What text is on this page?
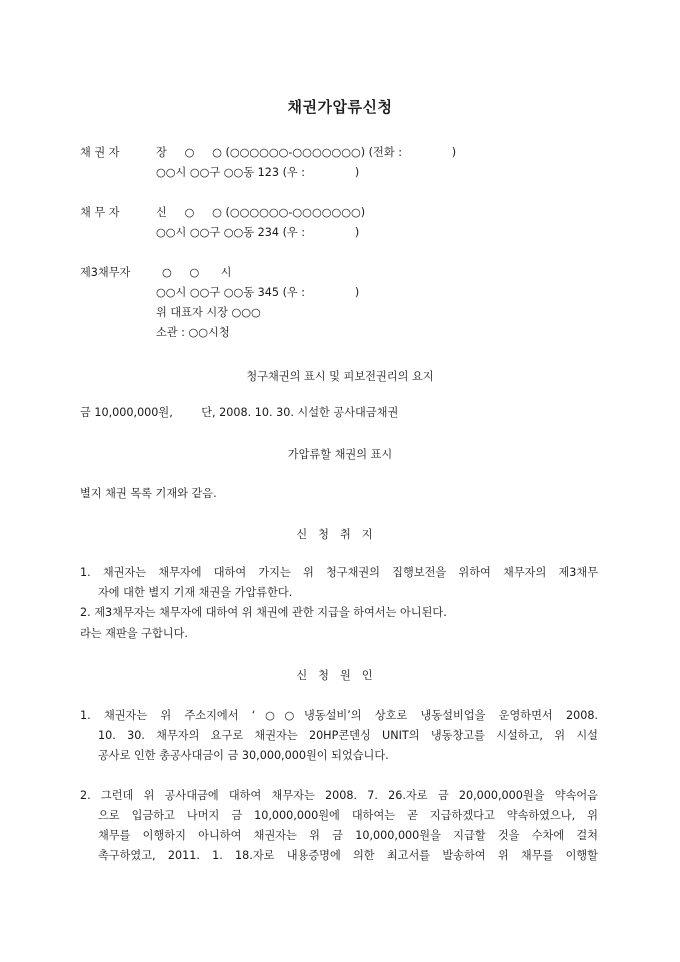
채권가압류신청
채 권 자	장     ○     ○ (○○○○○○-○○○○○○○) (전화 :              )
○○시 ○○구 ○○동 123 (우 :              )
채 무 자	신     ○     ○ (○○○○○○-○○○○○○○)
○○시 ○○구 ○○동 234 (우 :              )
제3채무자	○     ○      시
○○시 ○○구 ○○동 345 (우 :              )
위 대표자 시장 ○○○
소관 : ○○시청
청구채권의 표시 및 피보전권리의 요지
금 10,000,000원,        단, 2008. 10. 30. 시설한 공사대금채권
가압류할 채권의 표시
별지 채권 목록 기재와 같음.
신청취지
1. 채권자는 채무자에 대하여 가지는 위 청구채권의 집행보전을 위하여 채무자의 제3채무
자에 대한 별지 기재 채권을 가압류한다.
2. 제3채무자는 채무자에 대하여 위 채권에 관한 지급을 하여서는 아니된다.
라는 재판을 구합니다.
신청원인
1. 채권자는 위 주소지에서 ‘○○냉동설비’의 상호로 냉동설비업을 운영하면서 2008.
10. 30. 채무자의 요구로 채권자는 20HP콘덴싱 UNIT의 냉동창고를 시설하고, 위 시설
공사로 인한 총공사대금이 금 30,000,000원이 되었습니다.
2. 그런데 위 공사대금에 대하여 채무자는 2008. 7. 26.자로 금 20,000,000원을 약속어음
으로 입금하고 나머지 금 10,000,000원에 대하여는 곧 지급하겠다고 약속하였으나, 위
채무를 이행하지 아니하여 채권자는 위 금 10,000,000원을 지급할 것을 수차에 걸쳐
촉구하였고, 2011. 1. 18.자로 내용증명에 의한 최고서를 발송하여 위 채무를 이행할
